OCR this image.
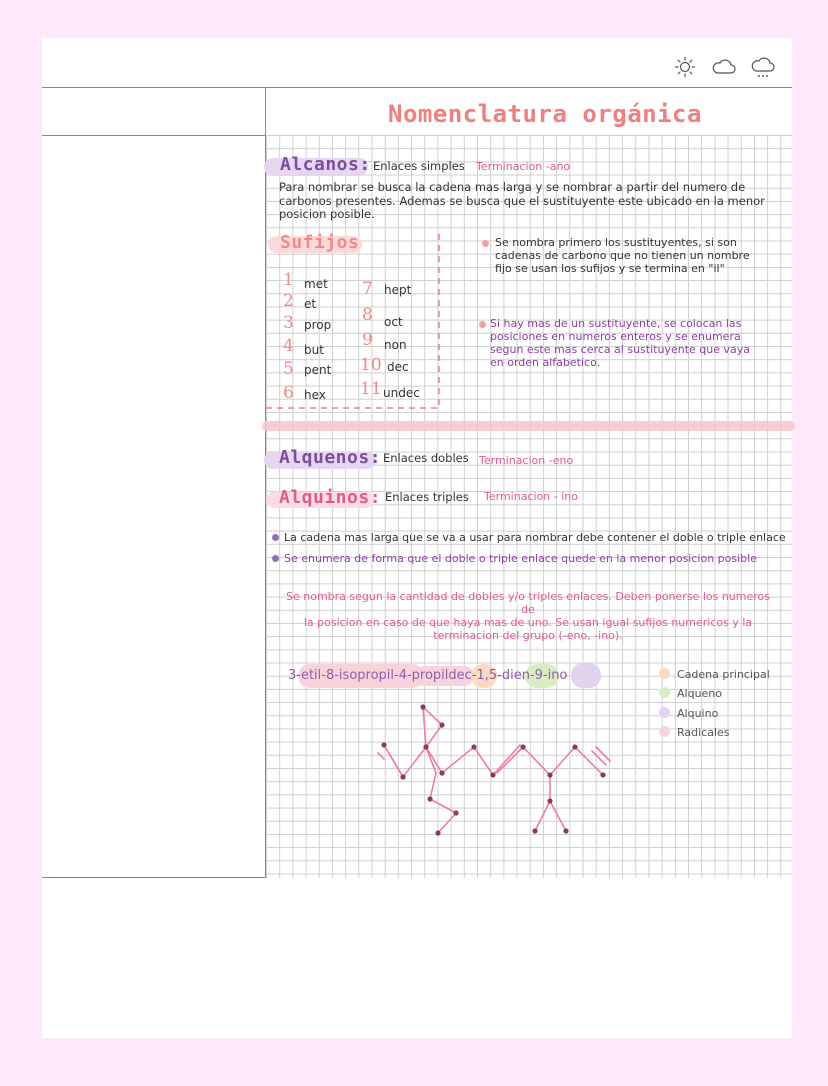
Nomenclatura orgánica
Alcanos: Enlaces simples Terminacion -ano
Para nombrar se busca la cadena mas larga y se nombrar a partir del numero de
carbonos presentes. Ademas se busca que el sustituyente este ubicado en la menor
posicion posible.
Sufijos
1 met
2 et
3 prop
4 but
5 pent
6 hex
7 hept
8 oct
9 non
10 dec
11 undec
Se nombra primero los sustituyentes, si son
cadenas de carbono que no tienen un nombre
fijo se usan los sufijos y se termina en "il"
Si hay mas de un sustituyente, se colocan las
posiciones en numeros enteros y se enumera
segun este mas cerca al sustituyente que vaya
en orden alfabetico.
Alquenos: Enlaces dobles Terminacion -eno
Alquinos: Enlaces triples Terminacion - ino
La cadena mas larga que se va a usar para nombrar debe contener el doble o triple enlace
Se enumera de forma que el doble o triple enlace quede en la menor posicion posible
Se nombra segun la cantidad de dobles y/o triples enlaces. Deben ponerse los numeros de
la posicion en caso de que haya mas de uno. Se usan igual sufijos numericos y la
terminacion del grupo (-eno, -ino).
3-etil-8-isopropil-4-propildec-1,5-dien-9-ino	Cadena principal
Alqueno
Alquino
Radicales
